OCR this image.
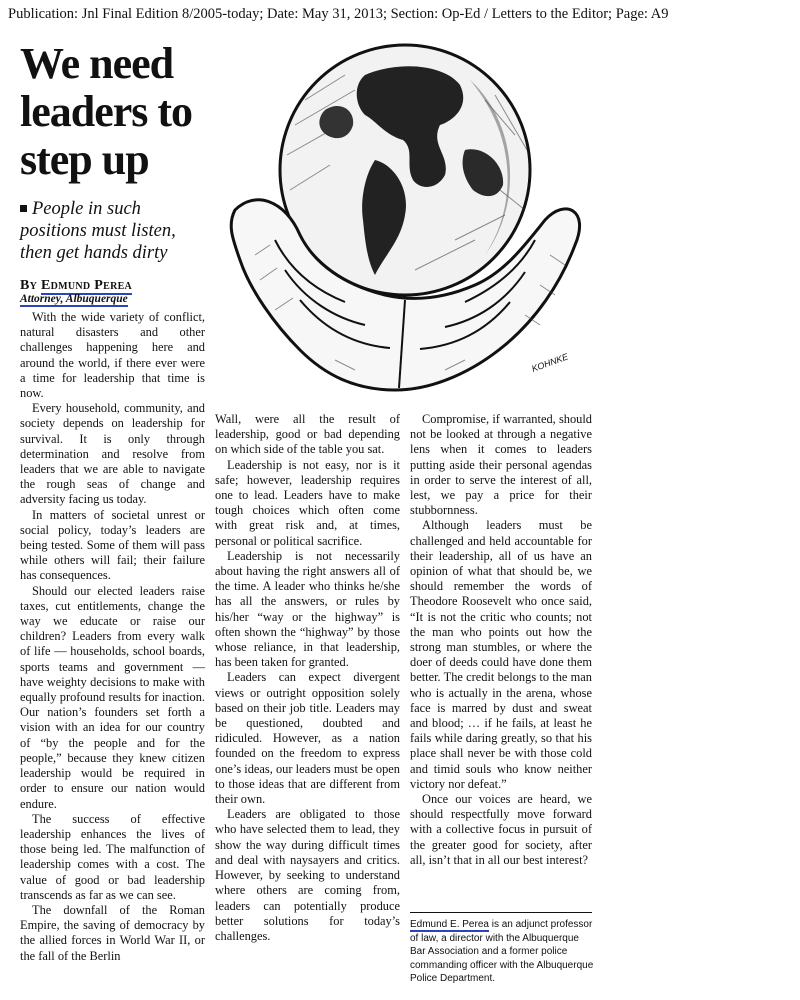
Publication: Jnl Final Edition 8/2005-today; Date: May 31, 2013; Section: Op-Ed / Letters to the Editor; Page: A9
We need leaders to step up
People in such positions must listen, then get hands dirty
By Edmund Perea
Attorney, Albuquerque
KOHNKE

With the wide variety of conflict, natural disasters and other challenges happening here and around the world, if there ever were a time for leadership that time is now.

Every household, community, and society depends on leadership for survival. It is only through determination and resolve from leaders that we are able to navigate the rough seas of change and adversity facing us today.

In matters of societal unrest or social policy, today’s leaders are being tested. Some of them will pass while others will fail; their failure has consequences.

Should our elected leaders raise taxes, cut entitlements, change the way we educate or raise our children? Leaders from every walk of life — households, school boards, sports teams and government — have weighty decisions to make with equally profound results for inaction. Our nation’s founders set forth a vision with an idea for our country of “by the people and for the people,” because they knew citizen leadership would be required in order to ensure our nation would endure.

The success of effective leadership enhances the lives of those being led. The malfunction of leadership comes with a cost. The value of good or bad leadership transcends as far as we can see.

The downfall of the Roman Empire, the saving of democracy by the allied forces in World War II, or the fall of the Berlin

Wall, were all the result of leadership, good or bad depending on which side of the table you sat.

Leadership is not easy, nor is it safe; however, leadership requires one to lead. Leaders have to make tough choices which often come with great risk and, at times, personal or political sacrifice.

Leadership is not necessarily about having the right answers all of the time. A leader who thinks he/she has all the answers, or rules by his/her “way or the highway” is often shown the “highway” by those whose reliance, in that leadership, has been taken for granted.

Leaders can expect divergent views or outright opposition solely based on their job title. Leaders may be questioned, doubted and ridiculed. However, as a nation founded on the freedom to express one’s ideas, our leaders must be open to those ideas that are different from their own.

Leaders are obligated to those who have selected them to lead, they show the way during difficult times and deal with naysayers and critics. However, by seeking to understand where others are coming from, leaders can potentially produce better solutions for today’s challenges.

Compromise, if warranted, should not be looked at through a negative lens when it comes to leaders putting aside their personal agendas in order to serve the interest of all, lest, we pay a price for their stubbornness.

Although leaders must be challenged and held accountable for their leadership, all of us have an opinion of what that should be, we should remember the words of Theodore Roosevelt who once said, “It is not the critic who counts; not the man who points out how the strong man stumbles, or where the doer of deeds could have done them better. The credit belongs to the man who is actually in the arena, whose face is marred by dust and sweat and blood; … if he fails, at least he fails while daring greatly, so that his place shall never be with those cold and timid souls who know neither victory nor defeat.”

Once our voices are heard, we should respectfully move forward with a collective focus in pursuit of the greater good for society, after all, isn’t that in all our best interest?

Edmund E. Perea is an adjunct professor of law, a director with the Albuquerque Bar Association and a former police commanding officer with the Albuquerque Police Department.
